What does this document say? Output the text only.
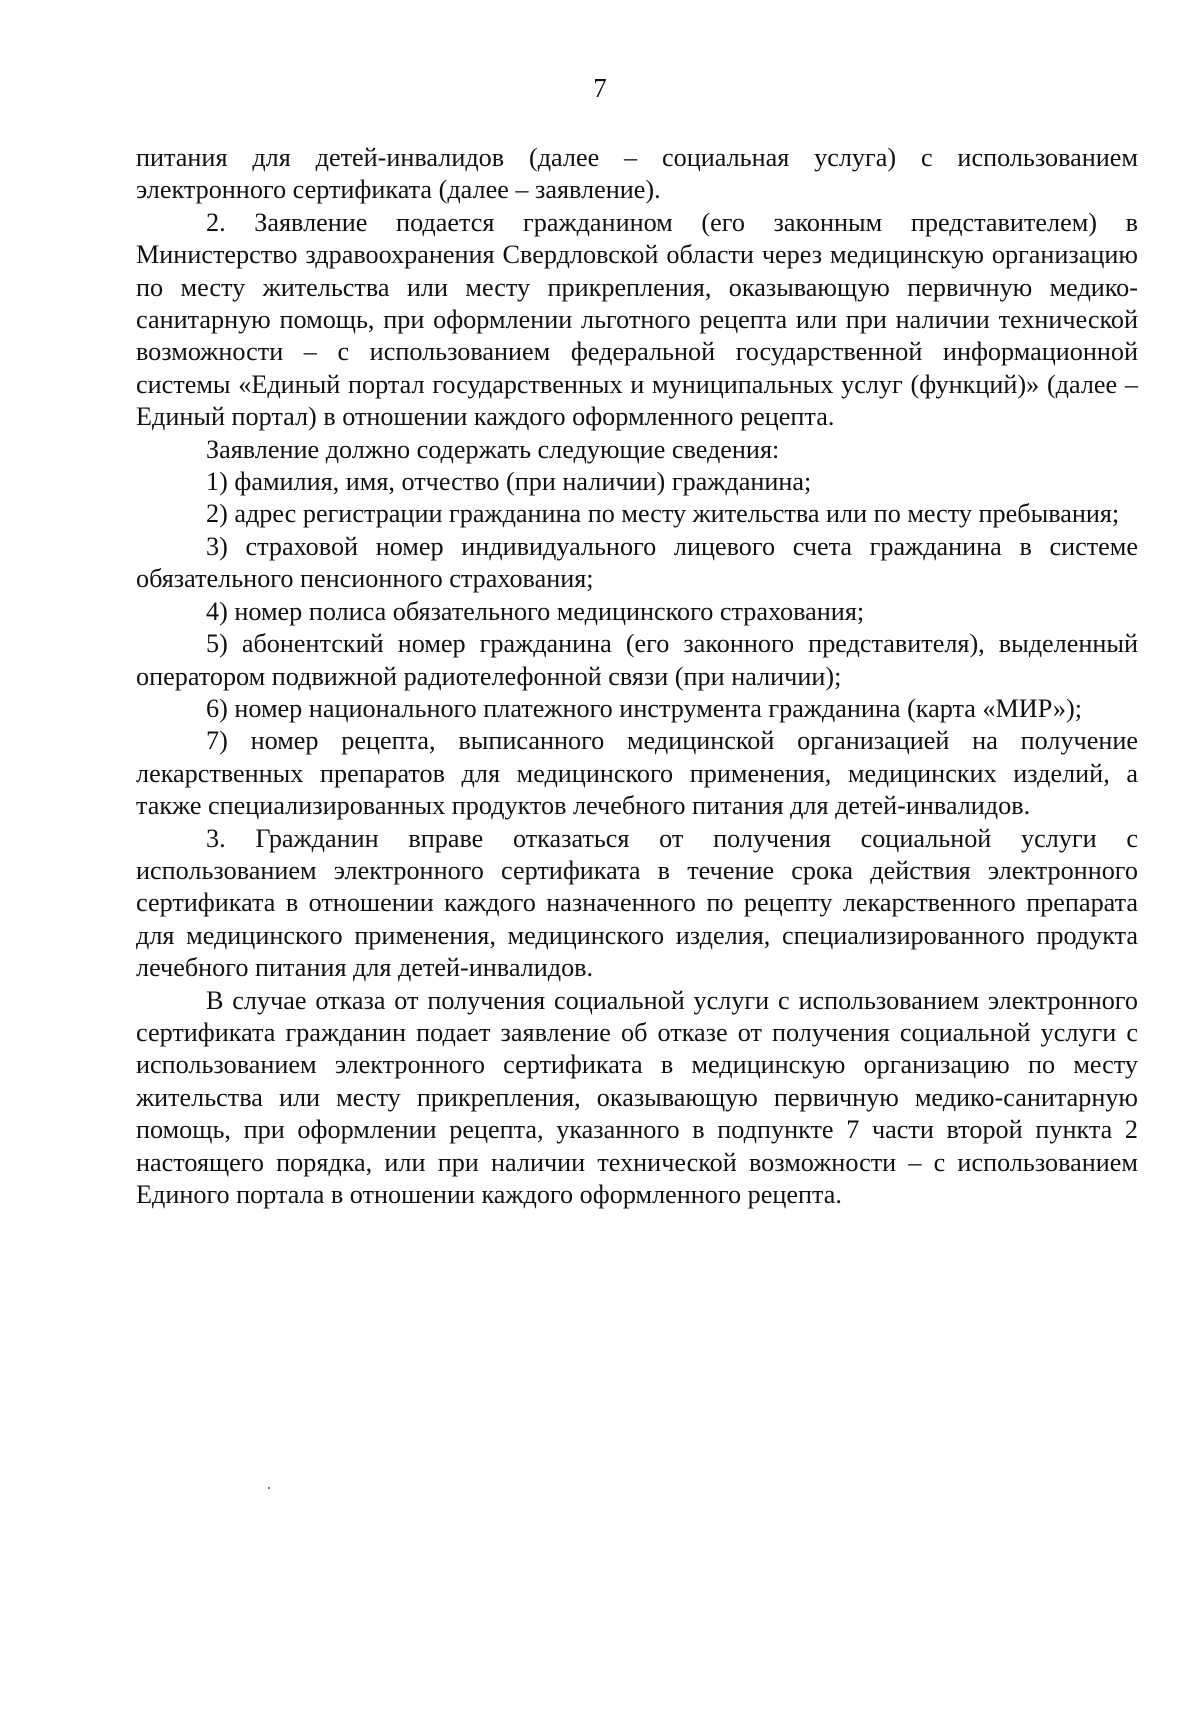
7

питания для детей-инвалидов (далее – социальная услуга) с использованием электронного сертификата (далее – заявление).

2. Заявление подается гражданином (его законным представителем) в Министерство здравоохранения Свердловской области через медицинскую организацию по месту жительства или месту прикрепления, оказывающую первичную медико-санитарную помощь, при оформлении льготного рецепта или при наличии технической возможности – с использованием федеральной государственной информационной системы «Единый портал государственных и муниципальных услуг (функций)» (далее – Единый портал) в отношении каждого оформленного рецепта.

Заявление должно содержать следующие сведения:

1) фамилия, имя, отчество (при наличии) гражданина;

2) адрес регистрации гражданина по месту жительства или по месту пребывания;

3) страховой номер индивидуального лицевого счета гражданина в системе обязательного пенсионного страхования;

4) номер полиса обязательного медицинского страхования;

5) абонентский номер гражданина (его законного представителя), выделенный оператором подвижной радиотелефонной связи (при наличии);

6) номер национального платежного инструмента гражданина (карта «МИР»);

7) номер рецепта, выписанного медицинской организацией на получение лекарственных препаратов для медицинского применения, медицинских изделий, а также специализированных продуктов лечебного питания для детей-инвалидов.

3. Гражданин вправе отказаться от получения социальной услуги с использованием электронного сертификата в течение срока действия электронного сертификата в отношении каждого назначенного по рецепту лекарственного препарата для медицинского применения, медицинского изделия, специализированного продукта лечебного питания для детей-инвалидов.

В случае отказа от получения социальной услуги с использованием электронного сертификата гражданин подает заявление об отказе от получения социальной услуги с использованием электронного сертификата в медицинскую организацию по месту жительства или месту прикрепления, оказывающую первичную медико-санитарную помощь, при оформлении рецепта, указанного в подпункте 7 части второй пункта 2 настоящего порядка, или при наличии технической возможности – с использованием Единого портала в отношении каждого оформленного рецепта.
